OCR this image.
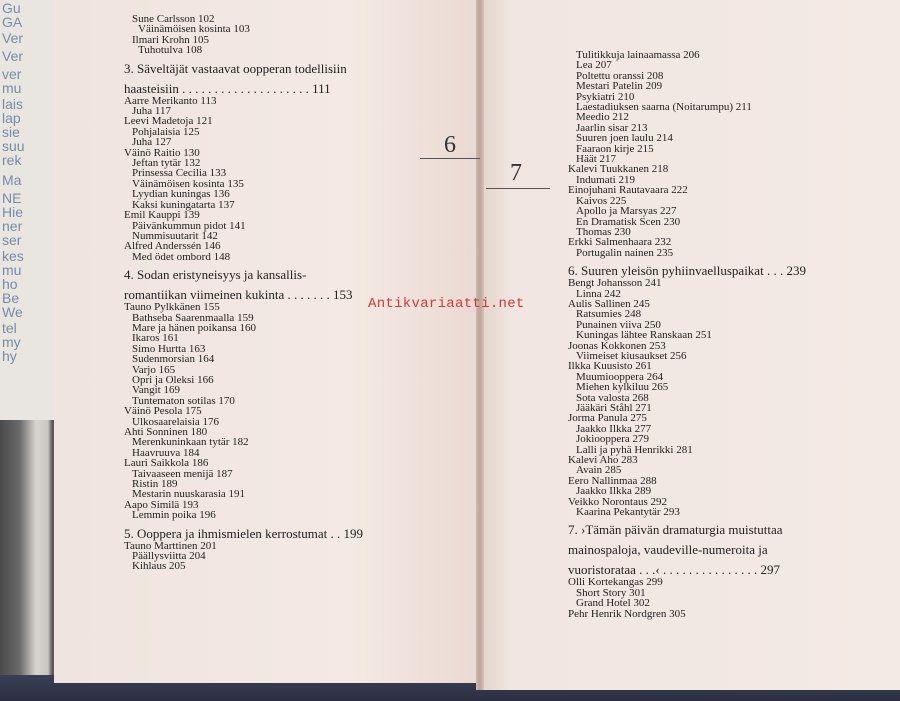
Gu
GA
Ver
Ver
ver
mu
lais
lap
sie
suu
rek
Ma
NE
Hie
ner
ser
kes
mu
ho
Be
We
tel
my
hy
Sune Carlsson 102
Väinämöisen kosinta 103
Ilmari Krohn 105
Tuhotulva 108
3. Säveltäjät vastaavat oopperan todellisiin
haasteisiin . . . . . . . . . . . . . . . . . . . . 111
Aarre Merikanto 113
Juha 117
Leevi Madetoja 121
Pohjalaisia 125
Juha 127
Väinö Raitio 130
Jeftan tytär 132
Prinsessa Cecilia 133
Väinämöisen kosinta 135
Lyydian kuningas 136
Kaksi kuningatarta 137
Emil Kauppi 139
Päivänkummun pidot 141
Nummisuutarit 142
Alfred Anderssén 146
Med ödet ombord 148
4. Sodan eristyneisyys ja kansallis-
romantiikan viimeinen kukinta . . . . . . . 153
Tauno Pylkkänen 155
Bathseba Saarenmaalla 159
Mare ja hänen poikansa 160
Ikaros 161
Simo Hurtta 163
Sudenmorsian 164
Varjo 165
Opri ja Oleksi 166
Vangit 169
Tuntematon sotilas 170
Väinö Pesola 175
Ulkosaarelaisia 176
Ahti Sonninen 180
Merenkuninkaan tytär 182
Haavruuva 184
Lauri Saikkola 186
Taivaaseen menijä 187
Ristin 189
Mestarin nuuskarasia 191
Aapo Similä 193
Lemmin poika 196
5. Ooppera ja ihmismielen kerrostumat . . 199
Tauno Marttinen 201
Päällysviitta 204
Kihlaus 205
Tulitikkuja lainaamassa 206
Lea 207
Poltettu oranssi 208
Mestari Patelin 209
Psykiatri 210
Laestadiuksen saarna (Noitarumpu) 211
Meedio 212
Jaarlin sisar 213
Suuren joen laulu 214
Faaraon kirje 215
Häät 217
Kalevi Tuukkanen 218
Indumati 219
Einojuhani Rautavaara 222
Kaivos 225
Apollo ja Marsyas 227
En Dramatisk Scen 230
Thomas 230
Erkki Salmenhaara 232
Portugalin nainen 235
6. Suuren yleisön pyhiinvaelluspaikat . . . 239
Bengt Johansson 241
Linna 242
Aulis Sallinen 245
Ratsumies 248
Punainen viiva 250
Kuningas lähtee Ranskaan 251
Joonas Kokkonen 253
Viimeiset kiusaukset 256
Ilkka Kuusisto 261
Muumiooppera 264
Miehen kylkiluu 265
Sota valosta 268
Jääkäri Ståhl 271
Jorma Panula 275
Jaakko Ilkka 277
Jokiooppera 279
Lalli ja pyhä Henrikki 281
Kalevi Aho 283
Avain 285
Eero Nallinmaa 288
Jaakko Ilkka 289
Veikko Norontaus 292
Kaarina Pekantytär 293
7. ›Tämän päivän dramaturgia muistuttaa
mainospaloja, vaudeville-numeroita ja
vuoristorataa . . .‹ . . . . . . . . . . . . . . . 297
Olli Kortekangas 299
Short Story 301
Grand Hotel 302
Pehr Henrik Nordgren 305
6
7
Antikvariaatti.net
